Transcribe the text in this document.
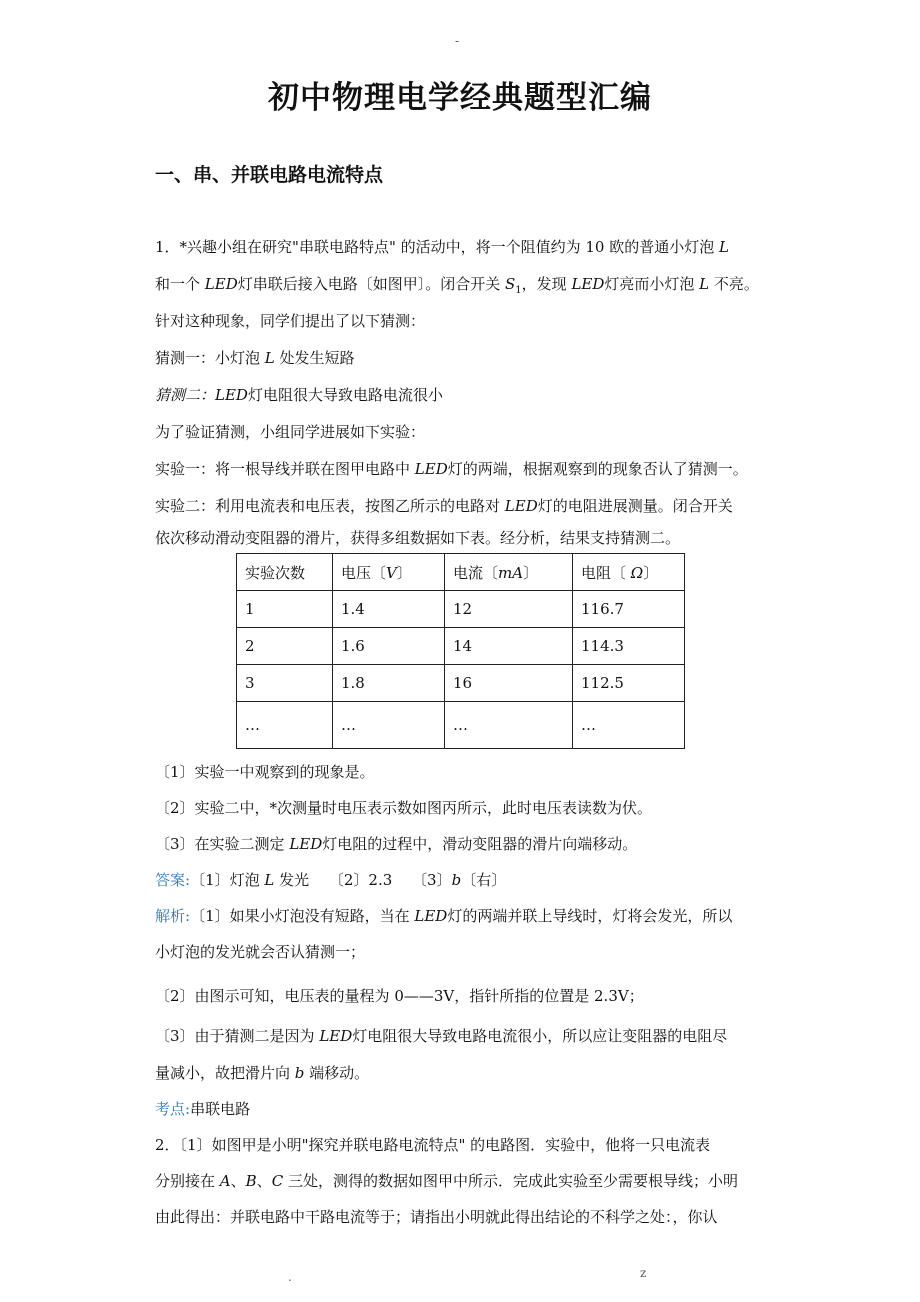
-
初中物理电学经典题型汇编
一、串、并联电路电流特点
1．*兴趣小组在研究"串联电路特点" 的活动中，将一个阻值约为 10 欧的普通小灯泡 L
和一个 LED灯串联后接入电路〔如图甲〕。闭合开关 $S_1$，发现 LED灯亮而小灯泡 L 不亮。
针对这种现象，同学们提出了以下猜测：
猜测一：小灯泡 L 处发生短路
猜测二：LED灯电阻很大导致电路电流很小
为了验证猜测，小组同学进展如下实验：
实验一：将一根导线并联在图甲电路中 LED灯的两端，根据观察到的现象否认了猜测一。
实验二：利用电流表和电压表，按图乙所示的电路对 LED灯的电阻进展测量。闭合开关
依次移动滑动变阻器的滑片，获得多组数据如下表。经分析，结果支持猜测二。
实验次数	电压〔V〕	电流〔mA〕	电阻〔 Ω〕
1	1.4	12	116.7
2	1.6	14	114.3
3	1.8	16	112.5
…	…	…	…
〔1〕实验一中观察到的现象是。
〔2〕实验二中，*次测量时电压表示数如图丙所示，此时电压表读数为伏。
〔3〕在实验二测定 LED灯电阻的过程中，滑动变阻器的滑片向端移动。
答案:〔1〕灯泡 L 发光　 〔2〕2.3　 〔3〕b〔右〕
解析:〔1〕如果小灯泡没有短路，当在 LED灯的两端并联上导线时，灯将会发光，所以
小灯泡的发光就会否认猜测一；
〔2〕由图示可知，电压表的量程为 0——3V，指针所指的位置是 2.3V；
〔3〕由于猜测二是因为 LED灯电阻很大导致电路电流很小，所以应让变阻器的电阻尽
量减小，故把滑片向 b 端移动。
考点:串联电路
2．〔1〕如图甲是小明"探究并联电路电流特点" 的电路图．实验中，他将一只电流表
分别接在 A、B、C 三处，测得的数据如图甲中所示．完成此实验至少需要根导线；小明
由此得出：并联电路中干路电流等于；请指出小明就此得出结论的不科学之处：，你认
.	z
